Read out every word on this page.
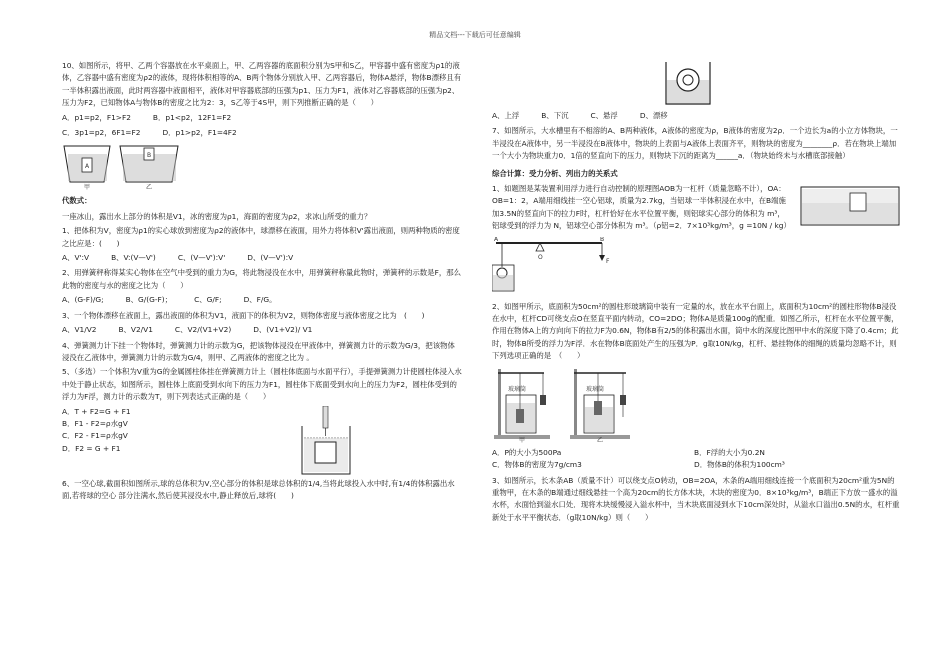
精品文档---下载后可任意编辑

10、如图所示，将甲、乙两个容器放在水平桌面上，甲、乙两容器的底面积分别为S甲和S乙，甲容器中盛有密度为ρ1的液体，乙容器中盛有密度为ρ2的液体，现将体积相等的A、B两个物体分别放入甲、乙两容器后，物体A悬浮，物体B漂移且有一半体积露出液面，此时两容器中液面相平，液体对甲容器底部的压强为p1、压力为F1，液体对乙容器底部的压强为p2、压力为F2，已知物体A与物体B的密度之比为2：3，S乙等于4S甲，则下列推断正确的是（　　）

A．p1=p2，F1>F2	B．p1<p2，12F1=F2
C．3p1=p2，6F1=F2	D．p1>p2，F1=4F2
A
B
甲	乙

代数式：

一座冰山，露出水上部分的体积是V1，冰的密度为ρ1，海面的密度为ρ2，求冰山所受的重力？

1、把体积为V，密度为ρ1的实心球放到密度为ρ2的液体中，球漂移在液面，用外力将体积V'露出液面，则两种物质的密度之比应是：(　　)

A、V':V	B、V:(V—V')	C、(V—V'):V'	D、(V—V'):V

2、用弹簧秤称得某实心物体在空气中受到的重力为G，将此物浸没在水中，用弹簧秤称量此物时，弹簧秤的示数是F，那么此物的密度与水的密度之比为（　　）

A、(G-F)/G;	B、G/(G-F)；	C、G/F;	D、F/G。

3、一个物体漂移在液面上，露出液面的体积为V1，液面下的体积为V2，则物体密度与液体密度之比为　(　　)

A、V1/V2	B、V2/V1	C、V2/(V1+V2)	D、(V1+V2)/ V1

4、弹簧测力计下挂一个物体时，弹簧测力计的示数为G，把该物体浸没在甲液体中，弹簧测力计的示数为G/3，把该物体浸没在乙液体中，弹簧测力计的示数为G/4，则甲、乙两液体的密度之比为 。

5、（多选）一个体积为V重为G的金属圆柱体挂在弹簧测力计上（圆柱体底面与水面平行），手提弹簧测力计使圆柱体浸入水中处于静止状态，如图所示，圆柱体上底面受到水向下的压力为F1，圆柱体下底面受到水向上的压力为F2，圆柱体受到的浮力为F浮，测力计的示数为T，则下列表达式正确的是（　　）

A．T + F2=G + F1
B．F1 - F2=ρ水gV
C．F2 - F1=ρ水gV
D．F2 = G + F1

6、一空心球,截面积如图所示,球的总体积为V,空心部分的体积是球总体积的1/4,当将此球投入水中时,有1/4的体积露出水面,若将球的空心 部分注满水,然后使其浸没水中,静止释放后,球将(　　)

A、上浮	B、下沉	C、悬浮	D、漂移

7、如图所示，大水槽里有不相溶的A、B两种液体，A液体的密度为ρ，B液体的密度为2ρ．一个边长为a的小立方体物块，一半浸没在A液体中，另一半浸没在B液体中，物块的上表面与A液体上表面齐平，则物块的密度为________ρ．若在物块上端加一个大小为物块重力0．1倍的竖直向下的压力，则物块下沉的距离为______a．（物块始终未与水槽底部接触）

综合计算：受力分析、列出力的关系式

1、如题图是某装置利用浮力进行自动控制的原理图AOB为一杠杆（质量忽略不计），OA：OB=1：2，A端用细线挂一空心铝球，质量为2.7kg，当铝球一半体积浸在水中，在B端施加3.5N的竖直向下的拉力F时，杠杆恰好在水平位置平衡，则铝球实心部分的体积为 m³，铝球受到的浮力为 N，铝球空心部分体积为 m³。（ρ铝=2．7×10³kg/m³，g =10N / kg）

A
O
B
F

2、如图甲所示，底面积为50cm²的圆柱形玻璃筒中装有一定量的水，放在水平台面上，底面积为10cm²的圆柱形物体B浸没在水中，杠杆CD可绕支点O在竖直平面内转动，CO=2DO；物体A是质量100g的配重．如图乙所示，杠杆在水平位置平衡，作用在物体A上的方向向下的拉力F为0.6N，物体B有2/5的体积露出水面，筒中水的深度比图甲中水的深度下降了0.4cm；此时，物体B所受的浮力为F浮．水在物体B底面处产生的压强为P．g取10N/kg，杠杆、悬挂物体的细绳的质量均忽略不计，则下列选项正确的是　（　　）

玻璃筒
甲
玻璃筒
乙
A．P的大小为500Pa	B．F浮的大小为0.2N
C．物体B的密度为7g/cm3	D．物体B的体积为100cm³

3、如图所示，长木条AB（质量不计）可以绕支点O转动，OB=2OA，木条的A端用细线连接一个底面积为20cm²重为5N的重物甲，在木条的B端通过细线悬挂一个高为20cm的长方体木块，木块的密度为0．8×10³kg/m³，B端正下方放一盛水的溢水杯，水面恰到溢水口处．现将木块缓慢浸入溢水杯中，当木块底面浸到水下10cm深处时，从溢水口溢出0.5N的水，杠杆重新处于水平平衡状态．（g取10N/kg）则（　　）
